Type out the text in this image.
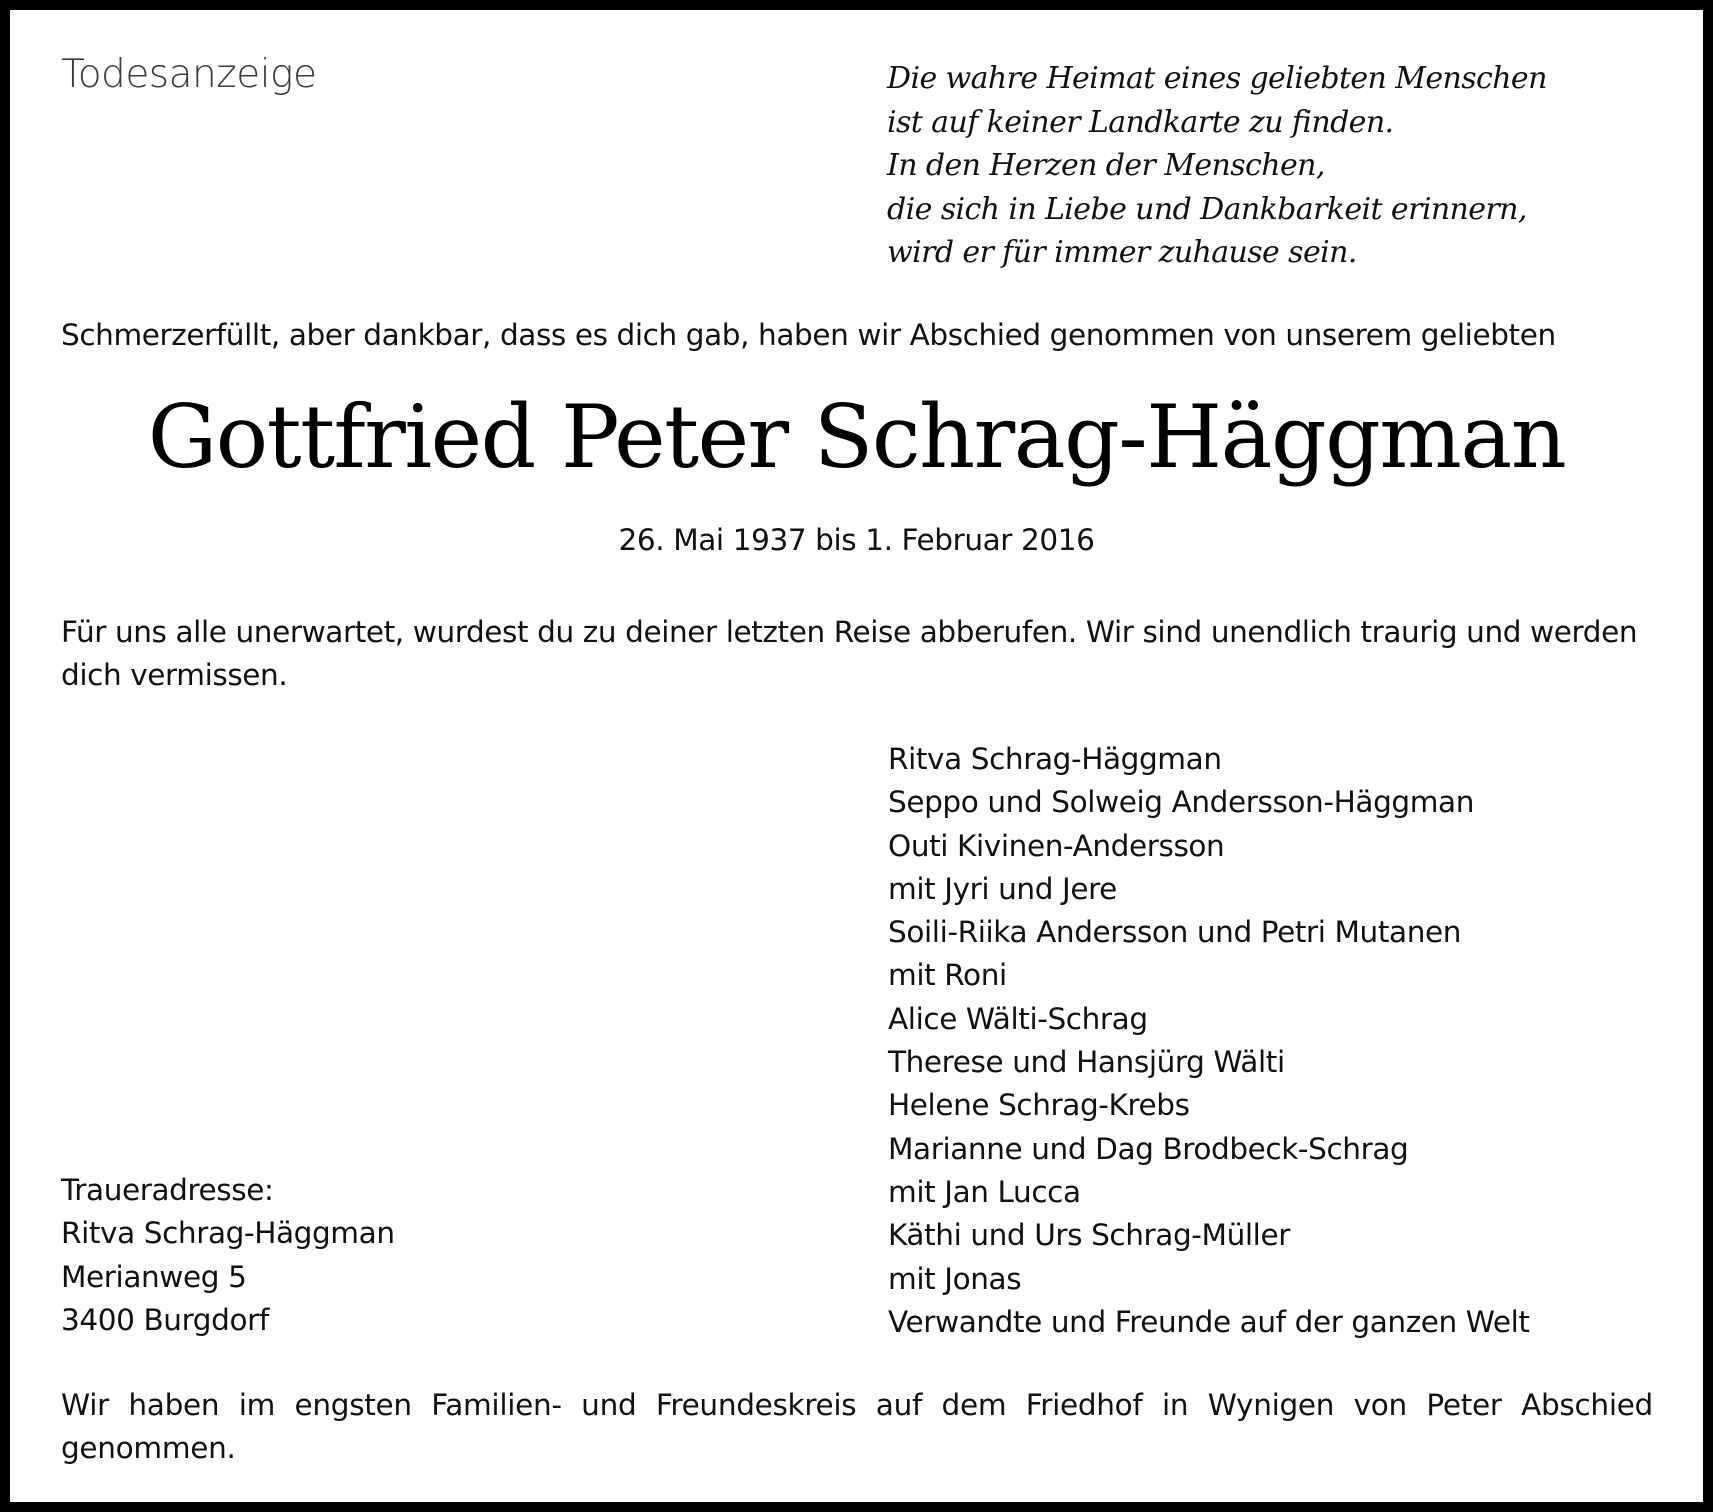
Todesanzeige	Die wahre Heimat eines geliebten Menschen
ist auf keiner Landkarte zu finden.
In den Herzen der Menschen,
die sich in Liebe und Dankbarkeit erinnern,
wird er für immer zuhause sein.
Schmerzerfüllt, aber dankbar, dass es dich gab, haben wir Abschied genommen von unserem geliebten
Gottfried Peter Schrag-Häggman
26. Mai 1937 bis 1. Februar 2016
Für uns alle unerwartet, wurdest du zu deiner letzten Reise abberufen. Wir sind unendlich traurig und werden dich vermissen.
Ritva Schrag-Häggman
Seppo und Solweig Andersson-Häggman
Outi Kivinen-Andersson
mit Jyri und Jere
Soili-Riika Andersson und Petri Mutanen
mit Roni
Alice Wälti-Schrag
Therese und Hansjürg Wälti
Helene Schrag-Krebs
Marianne und Dag Brodbeck-Schrag
mit Jan Lucca
Käthi und Urs Schrag-Müller
mit Jonas
Verwandte und Freunde auf der ganzen Welt
Traueradresse:
Ritva Schrag-Häggman
Merianweg 5
3400 Burgdorf
Wir haben im engsten Familien- und Freundeskreis auf dem Friedhof in Wynigen von Peter Abschied genommen.
